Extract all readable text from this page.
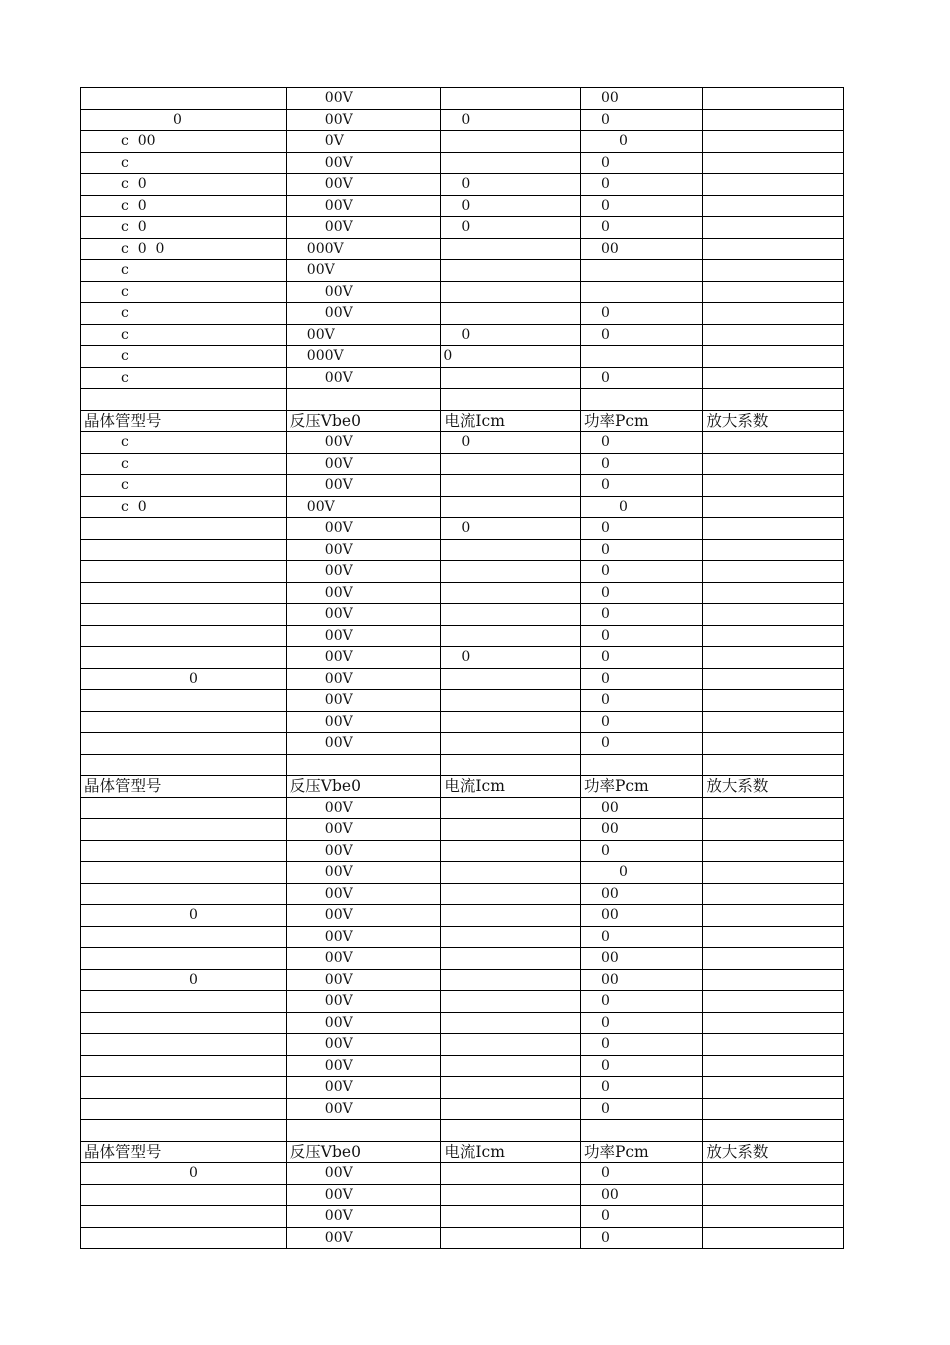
	00V		00	
0	00V	0	0	
c  00	0V		0	
c	00V		0	
c  0	00V	0	0	
c  0	00V	0	0	
c  0	00V	0	0	
c  0  0	000V		00	
c	00V			
c	00V			
c	00V		0	
c	00V	0	0	
c	000V	0		
c	00V		0	

晶体管型号	反压Vbe0	电流Icm	功率Pcm	放大系数
c	00V	0	0	
c	00V		0	
c	00V		0	
c  0	00V		0	
	00V	0	0	
	00V		0	
	00V		0	
	00V		0	
	00V		0	
	00V		0	
	00V	0	0	
0	00V		0	
	00V		0	
	00V		0	
	00V		0	

晶体管型号	反压Vbe0	电流Icm	功率Pcm	放大系数
	00V		00	
	00V		00	
	00V		0	
	00V		0	
	00V		00	
0	00V		00	
	00V		0	
	00V		00	
0	00V		00	
	00V		0	
	00V		0	
	00V		0	
	00V		0	
	00V		0	
	00V		0	

晶体管型号	反压Vbe0	电流Icm	功率Pcm	放大系数
0	00V		0	
	00V		00	
	00V		0	
	00V		0	
